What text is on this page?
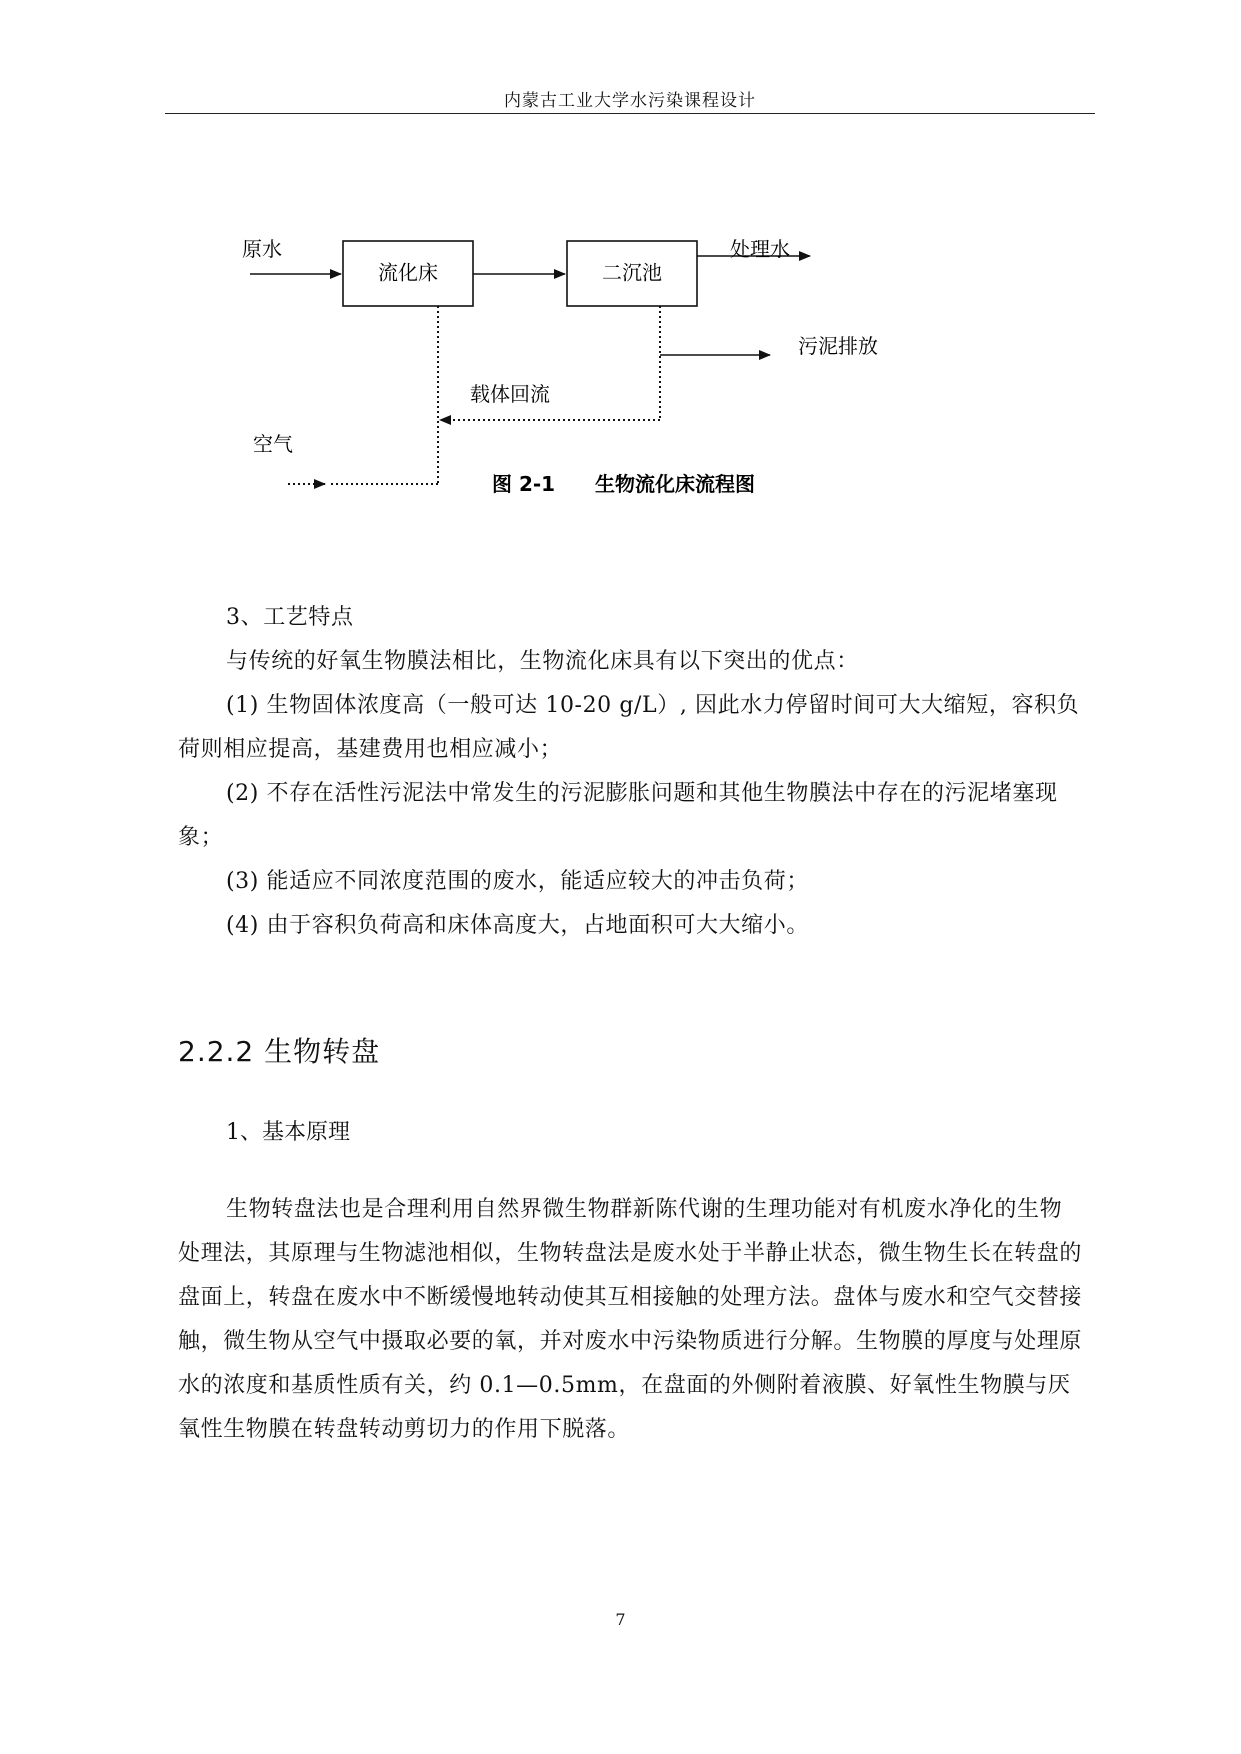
内蒙古工业大学水污染课程设计
原水
流化床	二沉池
处理水
污泥排放
载体回流
空气
图 2-1 生物流化床流程图
3、工艺特点
与传统的好氧生物膜法相比，生物流化床具有以下突出的优点：
(1) 生物固体浓度高（一般可达 10-20 g/L）, 因此水力停留时间可大大缩短，容积负荷则相应提高，基建费用也相应减小；
(2) 不存在活性污泥法中常发生的污泥膨胀问题和其他生物膜法中存在的污泥堵塞现象；
(3) 能适应不同浓度范围的废水，能适应较大的冲击负荷；
(4) 由于容积负荷高和床体高度大，占地面积可大大缩小。
2.2.2 生物转盘
1、基本原理
生物转盘法也是合理利用自然界微生物群新陈代谢的生理功能对有机废水净化的生物处理法，其原理与生物滤池相似，生物转盘法是废水处于半静止状态，微生物生长在转盘的盘面上，转盘在废水中不断缓慢地转动使其互相接触的处理方法。盘体与废水和空气交替接触，微生物从空气中摄取必要的氧，并对废水中污染物质进行分解。生物膜的厚度与处理原水的浓度和基质性质有关，约 0.1—0.5mm，在盘面的外侧附着液膜、好氧性生物膜与厌氧性生物膜在转盘转动剪切力的作用下脱落。
7
